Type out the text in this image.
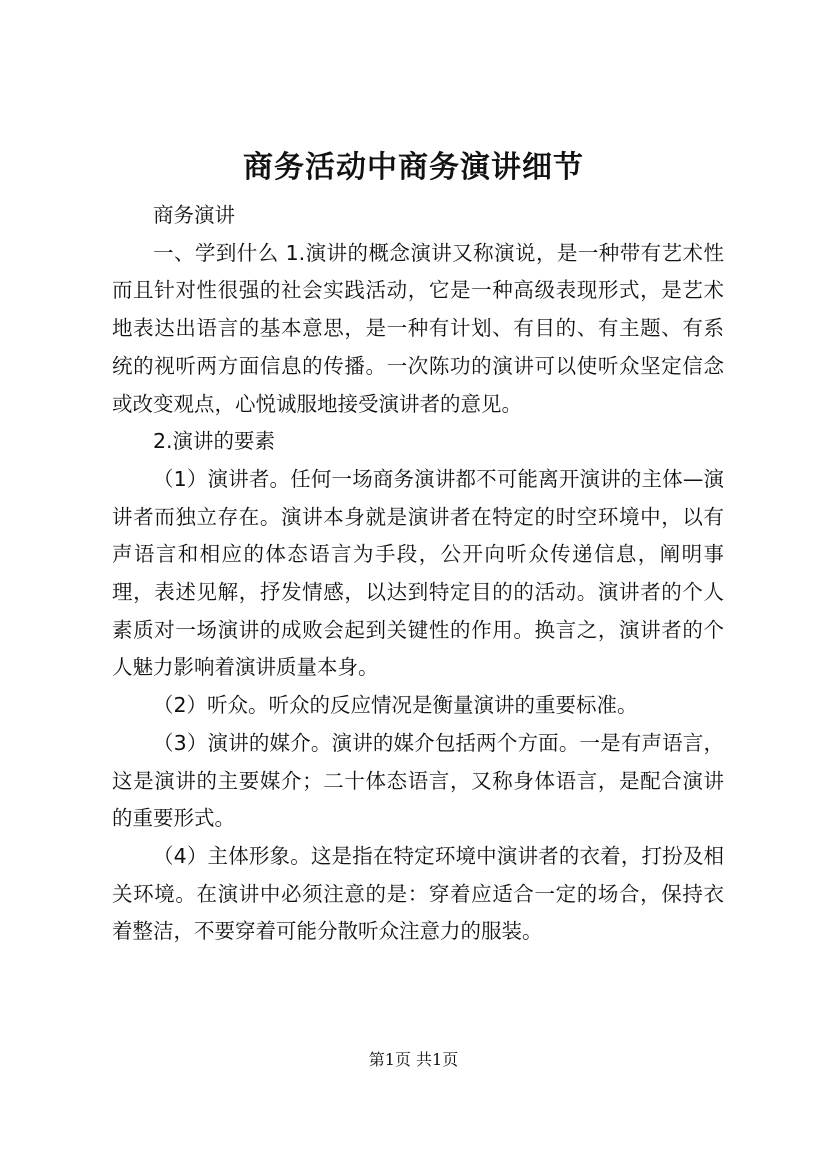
商务活动中商务演讲细节

商务演讲

一、学到什么 1.演讲的概念演讲又称演说，是一种带有艺术性而且针对性很强的社会实践活动，它是一种高级表现形式，是艺术地表达出语言的基本意思，是一种有计划、有目的、有主题、有系统的视听两方面信息的传播。一次陈功的演讲可以使听众坚定信念或改变观点，心悦诚服地接受演讲者的意见。

2.演讲的要素

（1）演讲者。任何一场商务演讲都不可能离开演讲的主体—演讲者而独立存在。演讲本身就是演讲者在特定的时空环境中，以有声语言和相应的体态语言为手段，公开向听众传递信息，阐明事理，表述见解，抒发情感，以达到特定目的的活动。演讲者的个人素质对一场演讲的成败会起到关键性的作用。换言之，演讲者的个人魅力影响着演讲质量本身。

（2）听众。听众的反应情况是衡量演讲的重要标准。

（3）演讲的媒介。演讲的媒介包括两个方面。一是有声语言，这是演讲的主要媒介；二十体态语言，又称身体语言，是配合演讲的重要形式。

（4）主体形象。这是指在特定环境中演讲者的衣着，打扮及相关环境。在演讲中必须注意的是：穿着应适合一定的场合，保持衣着整洁，不要穿着可能分散听众注意力的服装。

第1页 共1页
